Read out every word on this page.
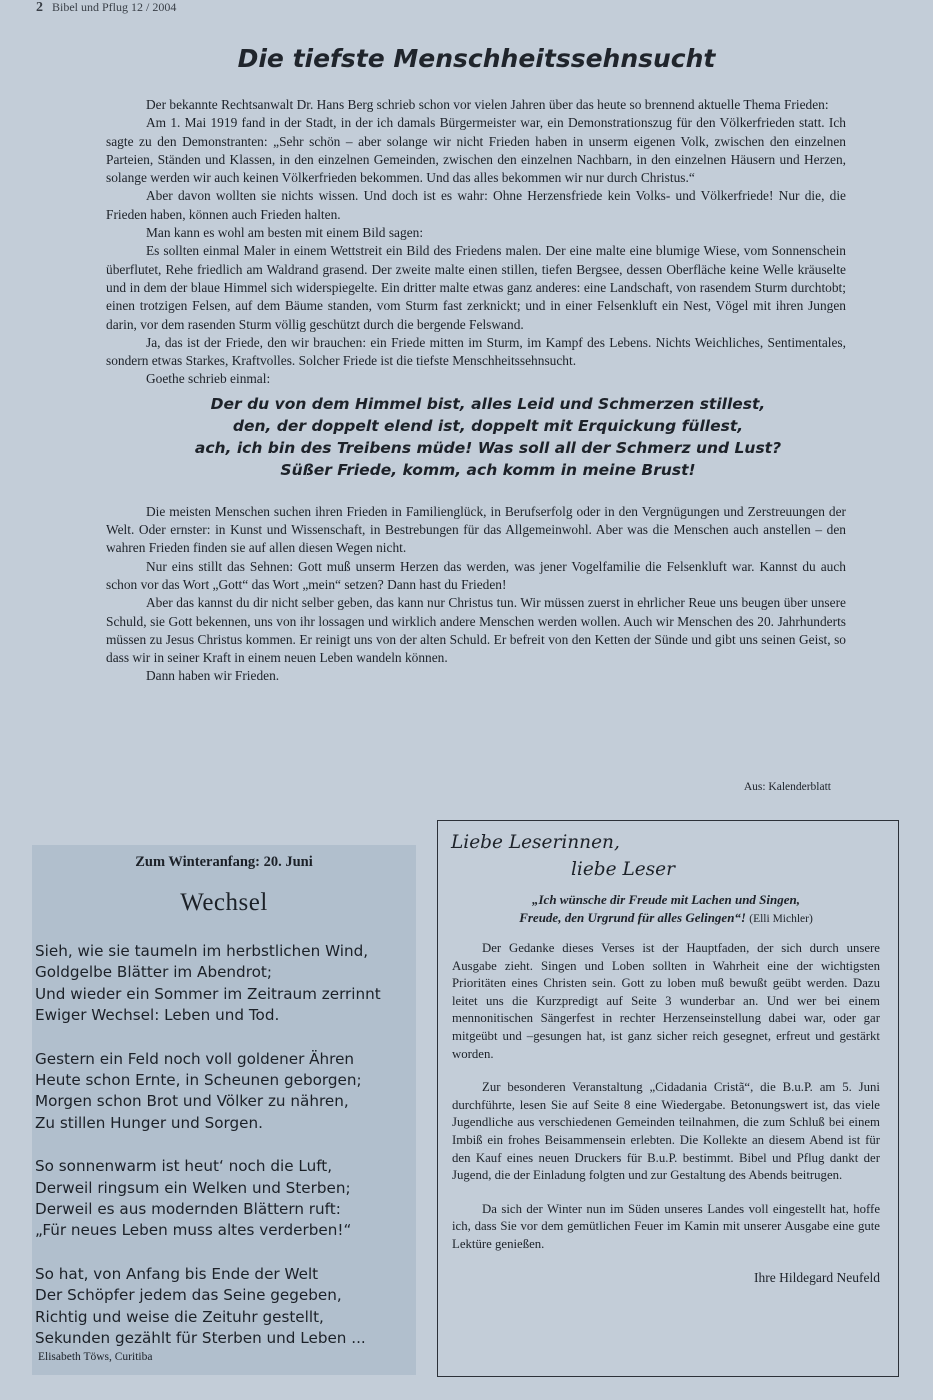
2 Bibel und Pflug 12 / 2004
Die tiefste Menschheitssehnsucht

Der bekannte Rechtsanwalt Dr. Hans Berg schrieb schon vor vielen Jahren über das heute so brennend aktuelle Thema Frieden:

Am 1. Mai 1919 fand in der Stadt, in der ich damals Bürgermeister war, ein Demonstrationszug für den Völkerfrieden statt. Ich sagte zu den Demonstranten: „Sehr schön – aber solange wir nicht Frieden haben in unserm eigenen Volk, zwischen den einzelnen Parteien, Ständen und Klassen, in den einzelnen Gemeinden, zwischen den einzelnen Nachbarn, in den einzelnen Häusern und Herzen, solange werden wir auch keinen Völkerfrieden bekommen. Und das alles bekommen wir nur durch Christus.“

Aber davon wollten sie nichts wissen. Und doch ist es wahr: Ohne Herzensfriede kein Volks- und Völkerfriede! Nur die, die Frieden haben, können auch Frieden halten.

Man kann es wohl am besten mit einem Bild sagen:

Es sollten einmal Maler in einem Wettstreit ein Bild des Friedens malen. Der eine malte eine blumige Wiese, vom Sonnenschein überflutet, Rehe friedlich am Waldrand grasend. Der zweite malte einen stillen, tiefen Bergsee, dessen Oberfläche keine Welle kräuselte und in dem der blaue Himmel sich widerspiegelte. Ein dritter malte etwas ganz anderes: eine Landschaft, von rasendem Sturm durchtobt; einen trotzigen Felsen, auf dem Bäume standen, vom Sturm fast zerknickt; und in einer Felsenkluft ein Nest, Vögel mit ihren Jungen darin, vor dem rasenden Sturm völlig geschützt durch die bergende Felswand.

Ja, das ist der Friede, den wir brauchen: ein Friede mitten im Sturm, im Kampf des Lebens. Nichts Weichliches, Sentimentales, sondern etwas Starkes, Kraftvolles. Solcher Friede ist die tiefste Menschheitssehnsucht.

Goethe schrieb einmal:

Der du von dem Himmel bist, alles Leid und Schmerzen stillest,
den, der doppelt elend ist, doppelt mit Erquickung füllest,
ach, ich bin des Treibens müde! Was soll all der Schmerz und Lust?
Süßer Friede, komm, ach komm in meine Brust!

Die meisten Menschen suchen ihren Frieden in Familienglück, in Berufserfolg oder in den Vergnügungen und Zerstreuungen der Welt. Oder ernster: in Kunst und Wissenschaft, in Bestrebungen für das Allgemeinwohl. Aber was die Menschen auch anstellen – den wahren Frieden finden sie auf allen diesen Wegen nicht.

Nur eins stillt das Sehnen: Gott muß unserm Herzen das werden, was jener Vogelfamilie die Felsenkluft war. Kannst du auch schon vor das Wort „Gott“ das Wort „mein“ setzen? Dann hast du Frieden!

Aber das kannst du dir nicht selber geben, das kann nur Christus tun. Wir müssen zuerst in ehrlicher Reue uns beugen über unsere Schuld, sie Gott bekennen, uns von ihr lossagen und wirklich andere Menschen werden wollen. Auch wir Menschen des 20. Jahrhunderts müssen zu Jesus Christus kommen. Er reinigt uns von der alten Schuld. Er befreit von den Ketten der Sünde und gibt uns seinen Geist, so dass wir in seiner Kraft in einem neuen Leben wandeln können.

Dann haben wir Frieden.

Aus: Kalenderblatt
Zum Winteranfang: 20. Juni
Wechsel
Sieh, wie sie taumeln im herbstlichen Wind,
Goldgelbe Blätter im Abendrot;
Und wieder ein Sommer im Zeitraum zerrinnt
Ewiger Wechsel: Leben und Tod.
Gestern ein Feld noch voll goldener Ähren
Heute schon Ernte, in Scheunen geborgen;
Morgen schon Brot und Völker zu nähren,
Zu stillen Hunger und Sorgen.
So sonnenwarm ist heut‘ noch die Luft,
Derweil ringsum ein Welken und Sterben;
Derweil es aus modernden Blättern ruft:
„Für neues Leben muss altes verderben!“
So hat, von Anfang bis Ende der Welt
Der Schöpfer jedem das Seine gegeben,
Richtig und weise die Zeituhr gestellt,
Sekunden gezählt für Sterben und Leben ...
Elisabeth Töws, Curitiba
Liebe Leserinnen,
liebe Leser
„Ich wünsche dir Freude mit Lachen und Singen,
Freude, den Urgrund für alles Gelingen“! (Elli Michler)

Der Gedanke dieses Verses ist der Hauptfaden, der sich durch unsere Ausgabe zieht. Singen und Loben sollten in Wahrheit eine der wichtigsten Prioritäten eines Christen sein. Gott zu loben muß bewußt geübt werden. Dazu leitet uns die Kurzpredigt auf Seite 3 wunderbar an. Und wer bei einem mennonitischen Sängerfest in rechter Herzenseinstellung dabei war, oder gar mitgeübt und –gesungen hat, ist ganz sicher reich gesegnet, erfreut und gestärkt worden.

Zur besonderen Veranstaltung „Cidadania Cristã“, die B.u.P. am 5. Juni durchführte, lesen Sie auf Seite 8 eine Wiedergabe. Betonungswert ist, das viele Jugendliche aus verschiedenen Gemeinden teilnahmen, die zum Schluß bei einem Imbiß ein frohes Beisammensein erlebten. Die Kollekte an diesem Abend ist für den Kauf eines neuen Druckers für B.u.P. bestimmt. Bibel und Pflug dankt der Jugend, die der Einladung folgten und zur Gestaltung des Abends beitrugen.

Da sich der Winter nun im Süden unseres Landes voll eingestellt hat, hoffe ich, dass Sie vor dem gemütlichen Feuer im Kamin mit unserer Ausgabe eine gute Lektüre genießen.

Ihre Hildegard Neufeld
